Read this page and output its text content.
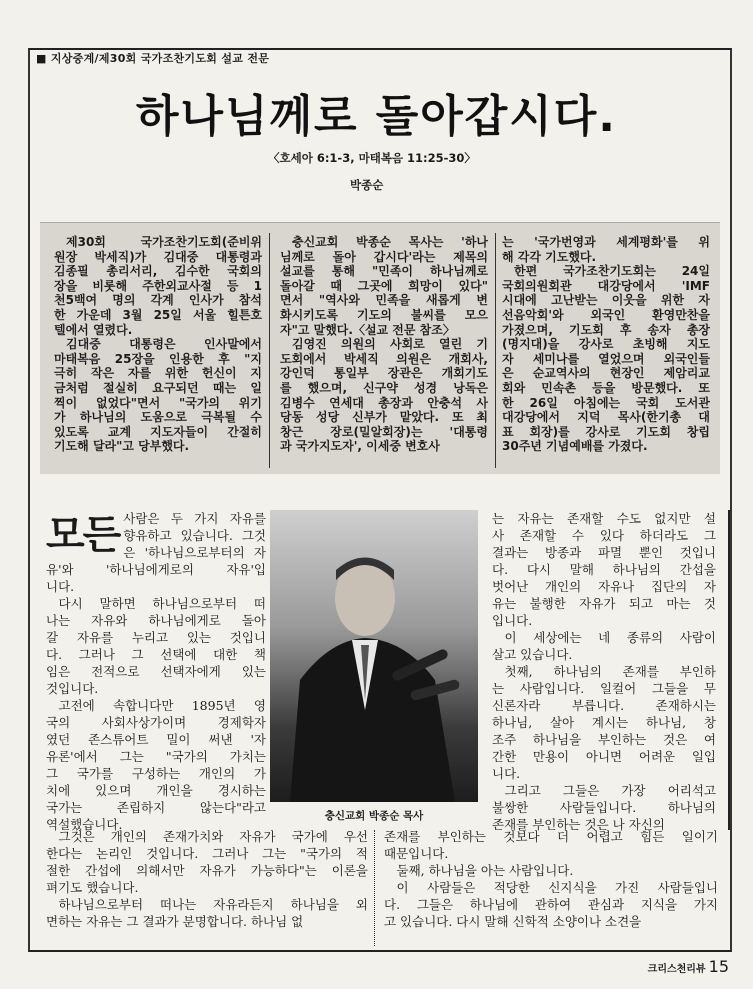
■ 지상중계/제30회 국가조찬기도회 설교 전문
하나님께로 돌아갑시다.
〈호세아 6:1-3, 마태복음 11:25-30〉
박종순
제30회 국가조찬기도회(준비위
원장 박세직)가 김대중 대통령과
김종필 총리서리, 김수한 국회의
장을 비롯해 주한외교사절 등 1
천5백여 명의 각계 인사가 참석
한 가운데 3월 25일 서울 힐튼호
텔에서 열렸다.
김대중 대통령은 인사말에서
마태복음 25장을 인용한 후 "지
극히 작은 자를 위한 헌신이 지
금처럼 절실히 요구되던 때는 일
찍이 없었다"면서 "국가의 위기
가 하나님의 도움으로 극복될 수
있도록 교계 지도자들이 간절히
기도해 달라"고 당부했다.
충신교회 박종순 목사는 '하나
님께로 돌아 갑시다'라는 제목의
설교를 통해 "민족이 하나님께로
돌아갈 때 그곳에 희망이 있다"
면서 "역사와 민족을 새롭게 변
화시키도록 기도의 불씨를 모으
자"고 말했다.〈설교 전문 참조〉
김영진 의원의 사회로 열린 기
도회에서 박세직 의원은 개회사,
강인덕 통일부 장관은 개회기도
를 했으며, 신구약 성경 낭독은
김병수 연세대 총장과 안충석 사
당동 성당 신부가 맡았다. 또 최
창근 장로(밀알회장)는 '대통령
과 국가지도자', 이세중 변호사
는 '국가번영과 세계평화'를 위
해 각각 기도했다.
한편 국가조찬기도회는 24일
국회의원회관 대강당에서 'IMF
시대에 고난받는 이웃을 위한 자
선음악회'와 외국인 환영만찬을
가졌으며, 기도회 후 송자 총장
(명지대)을 강사로 초빙해 지도
자 세미나를 열었으며 외국인들
은 순교역사의 현장인 제암리교
회와 민속촌 등을 방문했다. 또
한 26일 아침에는 국회 도서관
대강당에서 지덕 목사(한기총 대
표 회장)를 강사로 기도회 창립
30주년 기념예배를 가졌다.
모든 사람은 두 가지 자유를
향유하고 있습니다. 그것
은 '하나님으로부터의 자
유'와 '하나님에게로의 자유'입
니다.
다시 말하면 하나님으로부터 떠
나는 자유와 하나님에게로 돌아
갈 자유를 누리고 있는 것입니
다. 그러나 그 선택에 대한 책
임은 전적으로 선택자에게 있는
것입니다.
고전에 속합니다만 1895년 영
국의 사회사상가이며 경제학자
였던 존스튜어트 밀이 써낸 '자
유론'에서 그는 "국가의 가치는
그 국가를 구성하는 개인의 가
치에 있으며 개인을 경시하는
국가는 존립하지 않는다"라고
역설했습니다.
충신교회 박종순 목사
는 자유는 존재할 수도 없지만 설
사 존재할 수 있다 하더라도 그
결과는 방종과 파멸 뿐인 것입니
다. 다시 말해 하나님의 간섭을
벗어난 개인의 자유나 집단의 자
유는 불행한 자유가 되고 마는 것
입니다.
이 세상에는 네 종류의 사람이
살고 있습니다.
첫째, 하나님의 존재를 부인하
는 사람입니다. 일컬어 그들을 무
신론자라 부릅니다. 존재하시는
하나님, 살아 계시는 하나님, 창
조주 하나님을 부인하는 것은 여
간한 만용이 아니면 어려운 일입
니다.
그리고 그들은 가장 어리석고
불쌍한 사람들입니다. 하나님의
존재를 부인하는 것은 나 자신의
그것은 개인의 존재가치와 자유가 국가에 우선
한다는 논리인 것입니다. 그러나 그는 "국가의 적
절한 간섭에 의해서만 자유가 가능하다"는 이론을
펴기도 했습니다.
하나님으로부터 떠나는 자유라든지 하나님을 외
면하는 자유는 그 결과가 분명합니다. 하나님 없
존재를 부인하는 것보다 더 어렵고 힘든 일이기
때문입니다.
둘째, 하나님을 아는 사람입니다.
이 사람들은 적당한 신지식을 가진 사람들입니
다. 그들은 하나님에 관하여 관심과 지식을 가지
고 있습니다. 다시 말해 신학적 소양이나 소견을
크리스천리뷰 15
